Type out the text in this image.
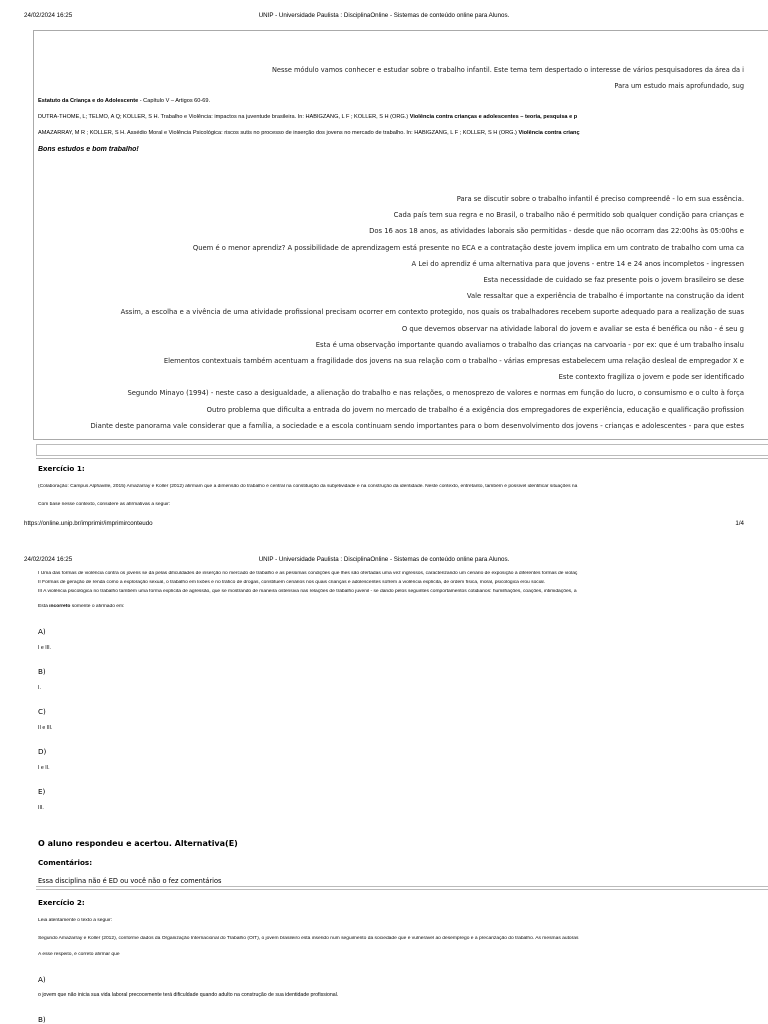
24/02/2024 16:25	UNIP - Universidade Paulista : DisciplinaOnline - Sistemas de conteúdo online para Alunos.
Nesse módulo vamos conhecer e estudar sobre o trabalho infantil. Este tema tem despertado o interesse de vários pesquisadores da área da i
Para um estudo mais aprofundado, sug
Estatuto da Criança e do Adolescente - Capítulo V – Artigos 60-69.
DUTRA-THOMÉ, L; TELMO, A Q; KOLLER, S H. Trabalho e Violência: impactos na juventude brasileira. In: HABIGZANG, L F ; KOLLER, S H (ORG.) Violência contra crianças e adolescentes – teoria, pesquisa e p
AMAZARRAY, M R ; KOLLER, S H. Assédio Moral e Violência Psicológica: riscos sutis no processo de inserção dos jovens no mercado de trabalho. In: HABIGZANG, L F ; KOLLER, S H (ORG.) Violência contra crianç
Bons estudos e bom trabalho!
Para se discutir sobre o trabalho infantil é preciso compreendê - lo em sua essência.
Cada país tem sua regra e no Brasil, o trabalho não é permitido sob qualquer condição para crianças e
Dos 16 aos 18 anos, as atividades laborais são permitidas - desde que não ocorram das 22:00hs às 05:00hs e
Quem é o menor aprendiz? A possibilidade de aprendizagem está presente no ECA e a contratação deste jovem implica em um contrato de trabalho com uma ca
A Lei do aprendiz é uma alternativa para que jovens - entre 14 e 24 anos incompletos - ingressen
Esta necessidade de cuidado se faz presente pois o jovem brasileiro se dese
Vale ressaltar que a experiência de trabalho é importante na construção da ident
Assim, a escolha e a vivência de uma atividade profissional precisam ocorrer em contexto protegido, nos quais os trabalhadores recebem suporte adequado para a realização de suas
O que devemos observar na atividade laboral do jovem e avaliar se esta é benéfica ou não - é seu g
Esta é uma observação importante quando avaliamos o trabalho das crianças na carvoaria - por ex: que é um trabalho insalu
Elementos contextuais também acentuam a fragilidade dos jovens na sua relação com o trabalho - várias empresas estabelecem uma relação desleal de empregador X e
Este contexto fragiliza o jovem e pode ser identificado
Segundo Minayo (1994) - neste caso a desigualdade, a alienação do trabalho e nas relações, o menosprezo de valores e normas em função do lucro, o consumismo e o culto à força
Outro problema que dificulta a entrada do jovem no mercado de trabalho é a exigência dos empregadores de experiência, educação e qualificação profission
Diante deste panorama vale considerar que a família, a sociedade e a escola continuam sendo importantes para o bom desenvolvimento dos jovens - crianças e adolescentes - para que estes
Exercício 1:
(Colaboração: Campus Alphaville, 2015) Amazarray e Koller (2012) afirmam que a dimensão do trabalho é central na constituição da subjetividade e na construção da identidade. Neste contexto, entretanto, também é possível identificar situações na
Com base nesse contexto, considere as afirmativas a seguir:
https://online.unip.br/imprimir/imprimirconteudo	1/4
24/02/2024 16:25	UNIP - Universidade Paulista : DisciplinaOnline - Sistemas de conteúdo online para Alunos.
I Uma das formas de violência contra os jovens se dá pelas dificuldades de inserção no mercado de trabalho e as péssimas condições que lhes são ofertadas uma vez ingressos, caracterizando um cenário de exposição à diferentes formas de violaç
II Formas de geração de renda como a exploração sexual, o trabalho em lixões e no tráfico de drogas, constituem cenários nos quais crianças e adolescentes sofrem a violência explícita, de ordem física, moral, psicológica e/ou social.
III A violência psicológica no trabalho também uma forma explícita de agressão, que se mostrando de maneira ostensiva nas relações de trabalho juvenil - se dando pelos seguintes comportamentos cotidianos: humilhações, coações, intimidações, a
Está incorreto somente o afirmado em:
A)
I e III.
B)
I.
C)
II e III.
D)
I e II.
E)
III.
O aluno respondeu e acertou. Alternativa(E)
Comentários:
Essa disciplina não é ED ou você não o fez comentários
Exercício 2:
Leia atentamente o texto a seguir:
Segundo Amazarray e Koller (2012), conforme dados da Organização Internacional do Trabalho (OIT), o jovem brasileiro está inserido num seguimento da sociedade que é vulnerável ao desemprego e à precarização do trabalho. As mesmas autoras
A esse respeito, é correto afirmar que
A)
o jovem que não inicia sua vida laboral precocemente terá dificuldade quando adulto na construção de sua identidade profissional.
B)
